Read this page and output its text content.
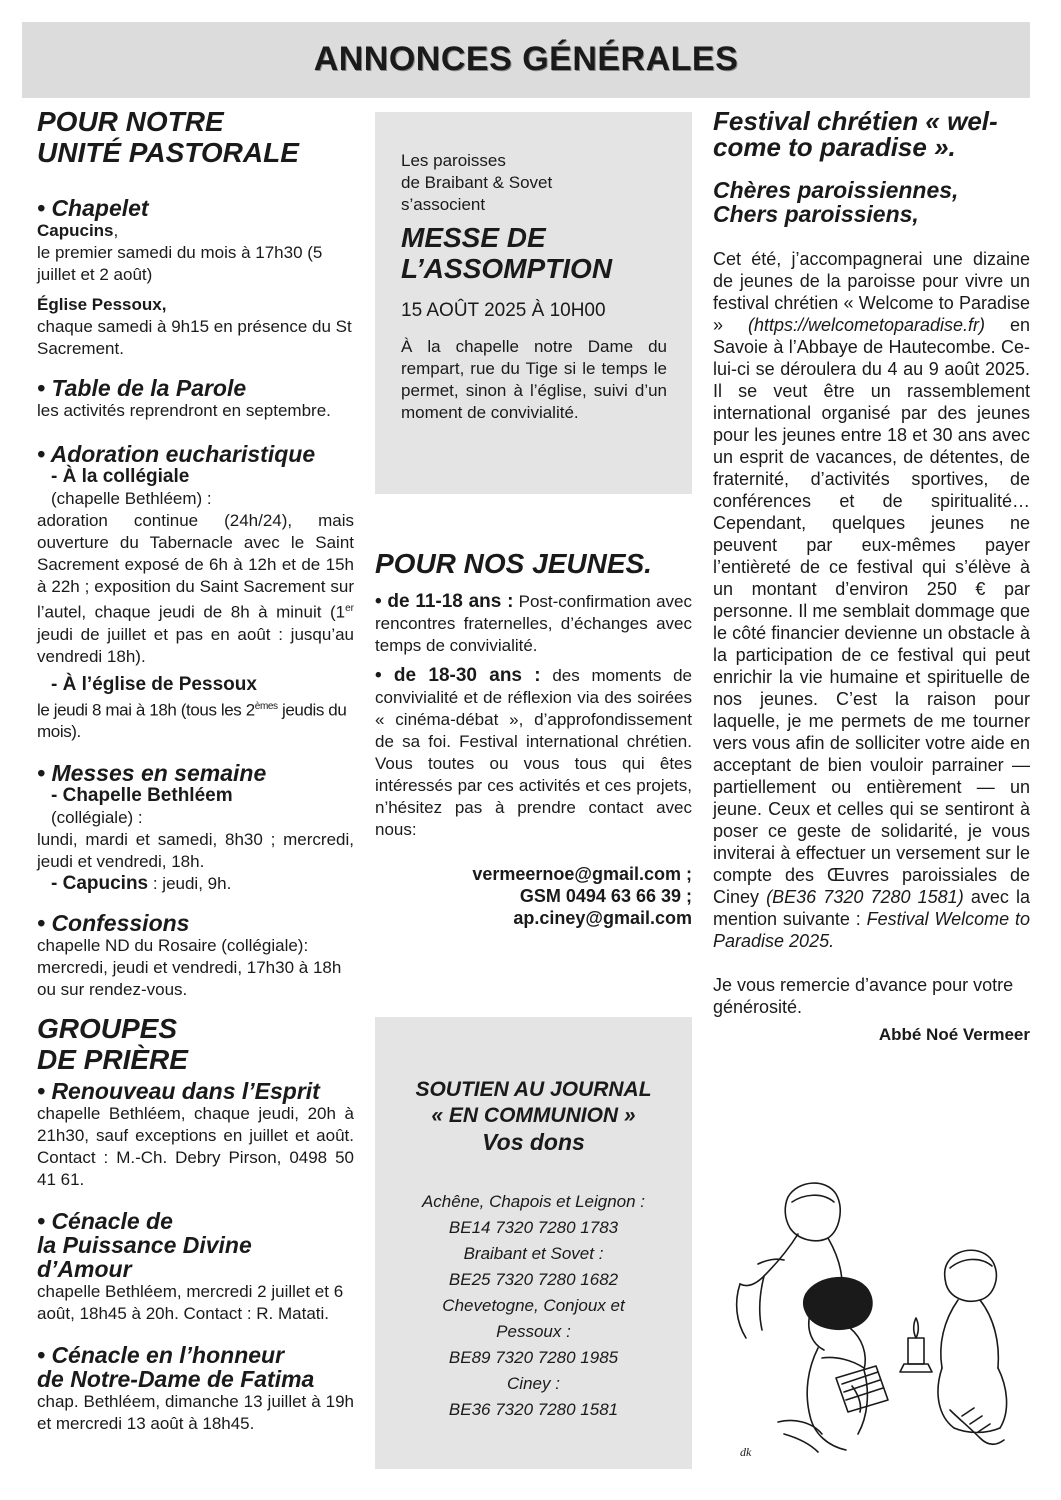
ANNONCES GÉNÉRALES

POUR NOTRE
UNITÉ PASTORALE

• Chapelet

Capucins,

le premier samedi du mois à 17h30 (5 juillet et 2 août)

Église Pessoux,

chaque samedi à 9h15 en présence du St Sacrement.

• Table de la Parole

les activités reprendront en septembre.

• Adoration eucharistique

- À la collégiale

(chapelle Bethléem) :

adoration continue (24h/24), mais ouverture du Tabernacle avec le Saint Sacrement exposé de 6h à 12h et de 15h à 22h ; exposition du Saint Sacrement sur l’autel, chaque jeudi de 8h à minuit (1er jeudi de juillet et pas en août : jusqu’au vendredi 18h).

- À l’église de Pessoux

le jeudi 8 mai à 18h (tous les 2èmes jeudis du mois).

• Messes en semaine

- Chapelle Bethléem

(collégiale) :

lundi, mardi et samedi, 8h30 ; mercredi, jeudi et vendredi, 18h.

- Capucins : jeudi, 9h.

• Confessions

chapelle ND du Rosaire (collégiale): mercredi, jeudi et vendredi, 17h30 à 18h ou sur rendez-vous.

GROUPES
DE PRIÈRE

• Renouveau dans l’Esprit

chapelle Bethléem, chaque jeudi, 20h à 21h30, sauf exceptions en juillet et août. Contact : M.-Ch. Debry Pirson, 0498 50 41 61.

• Cénacle de
la Puissance Divine
d’Amour

chapelle Bethléem, mercredi 2 juillet et 6 août, 18h45 à 20h. Contact : R. Matati.

• Cénacle en l’honneur
de Notre-Dame de Fatima

chap. Bethléem, dimanche 13 juillet à 19h et mercredi 13 août à 18h45.

Les paroisses
de Braibant & Sovet
s’associent

MESSE DE
L’ASSOMPTION

15 AOÛT 2025 À 10H00

À la chapelle notre Dame du rempart, rue du Tige si le temps le permet, sinon à l’église, suivi d’un moment de convivialité.

POUR NOS JEUNES.

• de 11-18 ans : Post-confirmation avec rencontres fraternelles, d’échanges avec temps de convivialité.

• de 18-30 ans : des moments de convivialité et de réflexion via des soirées « cinéma-débat », d’approfondissement de sa foi. Festival international chrétien. Vous toutes ou vous tous qui êtes intéressés par ces activités et ces projets, n’hésitez pas à prendre contact avec nous:

vermeernoe@gmail.com ;

GSM 0494 63 66 39 ;

ap.ciney@gmail.com

SOUTIEN AU JOURNAL
« EN COMMUNION »
Vos dons

Achêne, Chapois et Leignon :

BE14 7320 7280 1783

Braibant et Sovet :

BE25 7320 7280 1682

Chevetogne, Conjoux et

Pessoux :

BE89 7320 7280 1985

Ciney :

BE36 7320 7280 1581

Festival chrétien « welcome to paradise ».

Chères paroissiennes,
Chers paroissiens,

Cet été, j’accompagnerai une dizaine de jeunes de la paroisse pour vivre un festival chrétien « Welcome to Paradise » (https://welcometoparadise.fr) en Savoie à l’Abbaye de Hautecombe. Celui-ci se déroulera du 4 au 9 août 2025. Il se veut être un rassemblement international organisé par des jeunes pour les jeunes entre 18 et 30 ans avec un esprit de vacances, de détentes, de fraternité, d’activités sportives, de conférences et de spiritualité… Cependant, quelques jeunes ne peuvent par eux-mêmes payer l’entièreté de ce festival qui s’élève à un montant d’environ 250 € par personne. Il me semblait dommage que le côté financier devienne un obstacle à la participation de ce festival qui peut enrichir la vie humaine et spirituelle de nos jeunes. C’est la raison pour laquelle, je me permets de me tourner vers vous afin de solliciter votre aide en acceptant de bien vouloir parrainer — partiellement ou entièrement — un jeune. Ceux et celles qui se sentiront à poser ce geste de solidarité, je vous inviterai à effectuer un versement sur le compte des Œuvres paroissiales de Ciney (BE36 7320 7280 1581) avec la mention suivante : Festival Welcome to Paradise 2025.

Je vous remercie d’avance pour votre générosité.

Abbé Noé Vermeer

dk
